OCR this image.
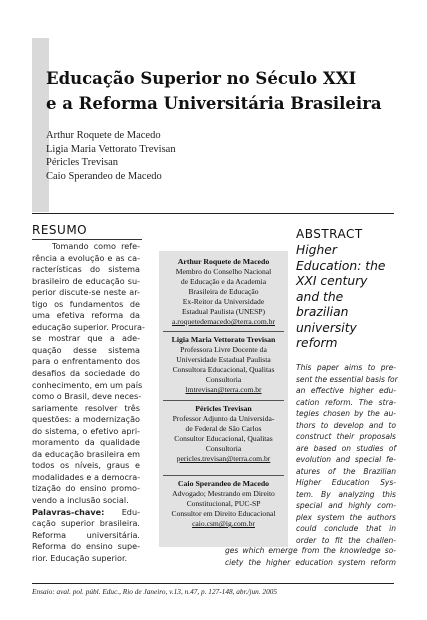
Educação Superior no Século XXI
e a Reforma Universitária Brasileira
Arthur Roquete de Macedo
Ligia Maria Vettorato Trevisan
Péricles Trevisan
Caio Sperandeo de Macedo
RESUMO
Tomando como refe-
rência a evolução e as ca-
racterísticas do sistema
brasileiro de educação su-
perior discute-se neste ar-
tigo os fundamentos de
uma efetiva reforma da
educação superior. Procura-
se mostrar que a ade-
quação desse sistema
para o enfrentamento dos
desafios da sociedade do
conhecimento, em um país
como o Brasil, deve neces-
sariamente resolver três
questões: a modernização
do sistema, o efetivo apri-
moramento da qualidade
da educação brasileira em
todos os níveis, graus e
modalidades e a democra-
tização do ensino promo-
vendo a inclusão social.
Palavras-chave: Edu-
cação superior brasileira.
Reforma universitária.
Reforma do ensino supe-
rior. Educação superior.
Arthur Roquete de Macedo
Membro do Conselho Nacional
de Educação e da Academia
Brasileira de Educação
Ex-Reitor da Universidade
Estadual Paulista (UNESP)
a.roquetedemacedo@terra.com.br
Ligia Maria Vettorato Trevisan
Professora Livre Docente da
Universidade Estadual Paulista
Consultora Educacional, Qualitas
Consultoria
lmtrevisan@terra.com.br
Péricles Trevisan
Professor Adjunto da Universida-
de Federal de São Carlos
Consultor Educacional, Qualitas
Consultoria
pericles.trevisan@terra.com.br
Caio Sperandeo de Macedo
Advogado; Mestrando em Direito
Constitucional, PUC-SP
Consultor em Direito Educacional
caio.csm@ig.com.br
ABSTRACT
Higher
Education: the
XXI century
and the
brazilian
university
reform
This paper aims to pre-
sent the essential basis for
an effective higher edu-
cation reform. The stra-
tegies chosen by the au-
thors to develop and to
construct their proposals
are based on studies of
evolution and special fe-
atures of the Brazilian
Higher Education Sys-
tem. By analyzing this
special and highly com-
plex system the authors
could conclude that in
order to fit the challen-
ges which emerge from the knowledge so-
ciety the higher education system reform
Ensaio: aval. pol. públ. Educ., Rio de Janeiro, v.13, n.47, p. 127-148, abr./jun. 2005
